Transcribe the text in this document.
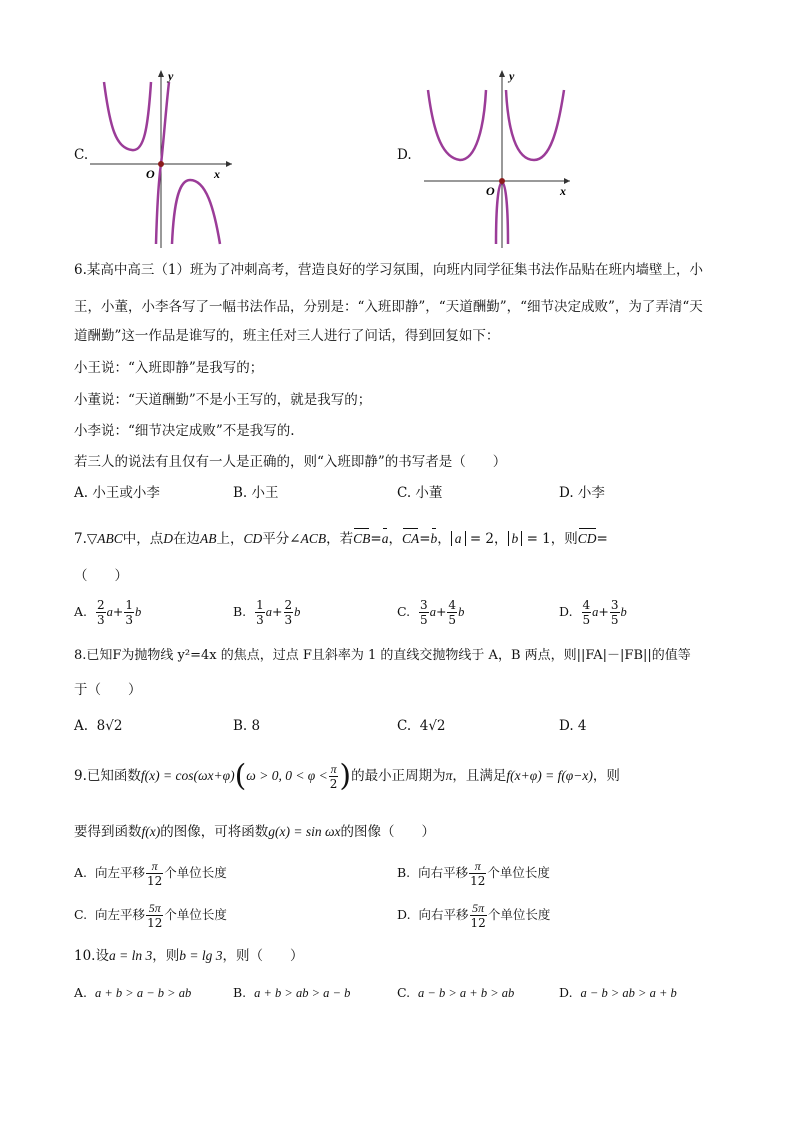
C.
x
y
O
D.
x
y
O
6.某高中高三（1）班为了冲刺高考，营造良好的学习氛围，向班内同学征集书法作品贴在班内墙壁上，小
王，小董，小李各写了一幅书法作品，分别是：“入班即静”，“天道酬勤”，“细节决定成败”，为了弄清“天
道酬勤”这一作品是谁写的，班主任对三人进行了问话，得到回复如下：
小王说：“入班即静”是我写的；
小董说：“天道酬勤”不是小王写的，就是我写的；
小李说：“细节决定成败”不是我写的.
若三人的说法有且仅有一人是正确的，则“入班即静”的书写者是（　　）
A. 小王或小李	B. 小王	C. 小董	D. 小李
7.▽ABC中，点D在边AB上，CD平分∠ACB，若CB=a，CA=b， a = 2， b = 1，则CD=
（　　）
A. $\frac{2}{3} a+ \frac{1}{3}$ b	B. $\frac{1}{3} a+ \frac{2}{3}$ b	C. $\frac{3}{5} a+ \frac{4}{5}$ b	D. $\frac{4}{5} a+ \frac{3}{5}$ b
8.已知F为抛物线 y²=4x 的焦点，过点 F且斜率为 1 的直线交抛物线于 A，B 两点，则||FA|－|FB||的值等
于（　　）
A. 8√2	B. 8	C. 4√2	D. 4
9.已知函数f(x) = cos(ωx+φ)(ω > 0, $0 < \varphi < \frac{\pi}{2}$ )的最小正周期为π，且满足f(x+φ) = f(φ−x)，则
要得到函数f(x)的图像，可将函数g(x) = sin ωx的图像（　　）
A. 向左平移 $\frac{\pi}{12}$ 个单位长度	B. 向右平移 $\frac{\pi}{12}$ 个单位长度
C. 向左平移 $\frac{5\pi}{12}$ 个单位长度	D. 向右平移 $\frac{5\pi}{12}$ 个单位长度
10.设a = ln 3，则b = lg 3，则（　　）
A. a + b > a − b > ab	B. a + b > ab > a − b	C. a − b > a + b > ab	D. a − b > ab > a + b
